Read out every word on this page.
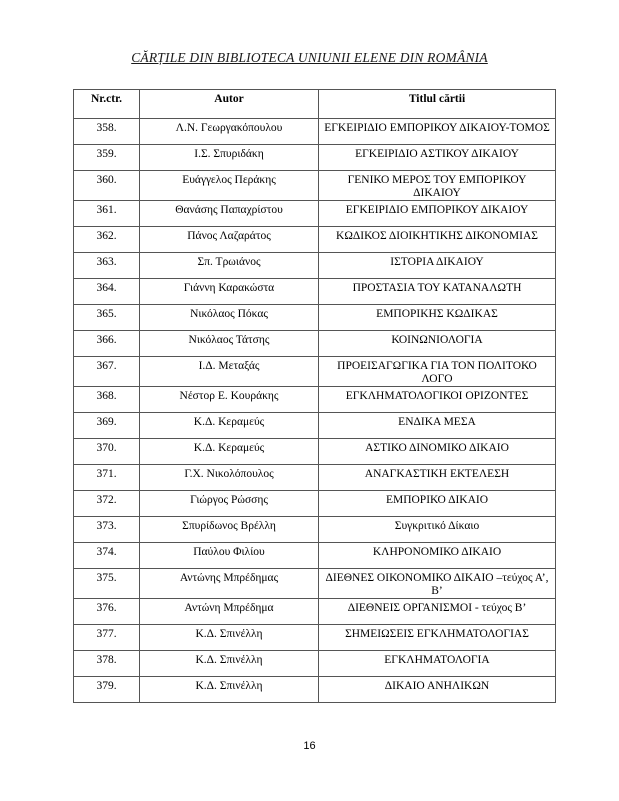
CĂRȚILE DIN BIBLIOTECA UNIUNII ELENE DIN ROMÂNIA
Nr.ctr.	Autor	Titlul cărtii
358.	Λ.Ν. Γεωργακόπουλου	ΕΓΚΕΙΡΙΔΙΟ ΕΜΠΟΡΙΚΟΥ ΔΙΚΑΙΟΥ-ΤΟΜΟΣ
359.	Ι.Σ. Σπυριδάκη	ΕΓΚΕΙΡΙΔΙΟ ΑΣΤΙΚΟΥ ΔΙΚΑΙΟΥ
360.	Ευάγγελος Περάκης	ΓΕΝΙΚΟ ΜΕΡΟΣ ΤΟΥ ΕΜΠΟΡΙΚΟΥ ΔΙΚΑΙΟΥ
361.	Θανάσης Παπαχρίστου	ΕΓΚΕΙΡΙΔΙΟ ΕΜΠΟΡΙΚΟΥ ΔΙΚΑΙΟΥ
362.	Πάνος Λαζαράτος	ΚΩΔΙΚΟΣ ΔΙΟΙΚΗΤΙΚΗΣ ΔΙΚΟΝΟΜΙΑΣ
363.	Σπ. Τρωιάνος	ΙΣΤΟΡΙΑ ΔΙΚΑΙΟΥ
364.	Γιάννη Καρακώστα	ΠΡΟΣΤΑΣΙΑ ΤΟΥ ΚΑΤΑΝΑΛΩΤΗ
365.	Νικόλαος Πόκας	ΕΜΠΟΡΙΚΗΣ ΚΩΔΙΚΑΣ
366.	Νικόλαος Τάτσης	ΚΟΙΝΩΝΙΟΛΟΓΙΑ
367.	Ι.Δ. Μεταξάς	ΠΡΟΕΙΣΑΓΩΓΙΚΑ ΓΙΑ ΤΟΝ ΠΟΛΙΤΟΚΟ ΛΟΓΟ
368.	Νέστορ Ε. Κουράκης	ΕΓΚΛΗΜΑΤΟΛΟΓΙΚΟΙ ΟΡΙΖΟΝΤΕΣ
369.	Κ.Δ. Κεραμεύς	ΕΝΔΙΚΑ ΜΕΣΑ
370.	Κ.Δ. Κεραμεύς	ΑΣΤΙΚΟ ΔΙΝΟΜΙΚΟ ΔΙΚΑΙΟ
371.	Γ.Χ. Νικολόπουλος	ΑΝΑΓΚΑΣΤΙΚΗ ΕΚΤΕΛΕΣΗ
372.	Γιώργος Ρώσσης	ΕΜΠΟΡΙΚΟ ΔΙΚΑΙΟ
373.	Σπυρίδωνος Βρέλλη	Συγκριτικό Δίκαιο
374.	Παύλου Φιλίου	ΚΛΗΡΟΝΟΜΙΚΟ ΔΙΚΑΙΟ
375.	Αντώνης Μπρέδημας	ΔΙΕΘΝΕΣ ΟΙΚΟΝΟΜΙΚΟ ΔΙΚΑΙΟ –τεύχος Α’, Β’
376.	Αντώνη Μπρέδημα	ΔΙΕΘΝΕΙΣ ΟΡΓΑΝΙΣΜΟΙ - τεύχος Β’
377.	Κ.Δ. Σπινέλλη	ΣΗΜΕΙΩΣΕΙΣ ΕΓΚΛΗΜΑΤΟΛΟΓΙΑΣ
378.	Κ.Δ. Σπινέλλη	ΕΓΚΛΗΜΑΤΟΛΟΓΙΑ
379.	Κ.Δ. Σπινέλλη	ΔΙΚΑΙΟ ΑΝΗΛΙΚΩΝ
16
